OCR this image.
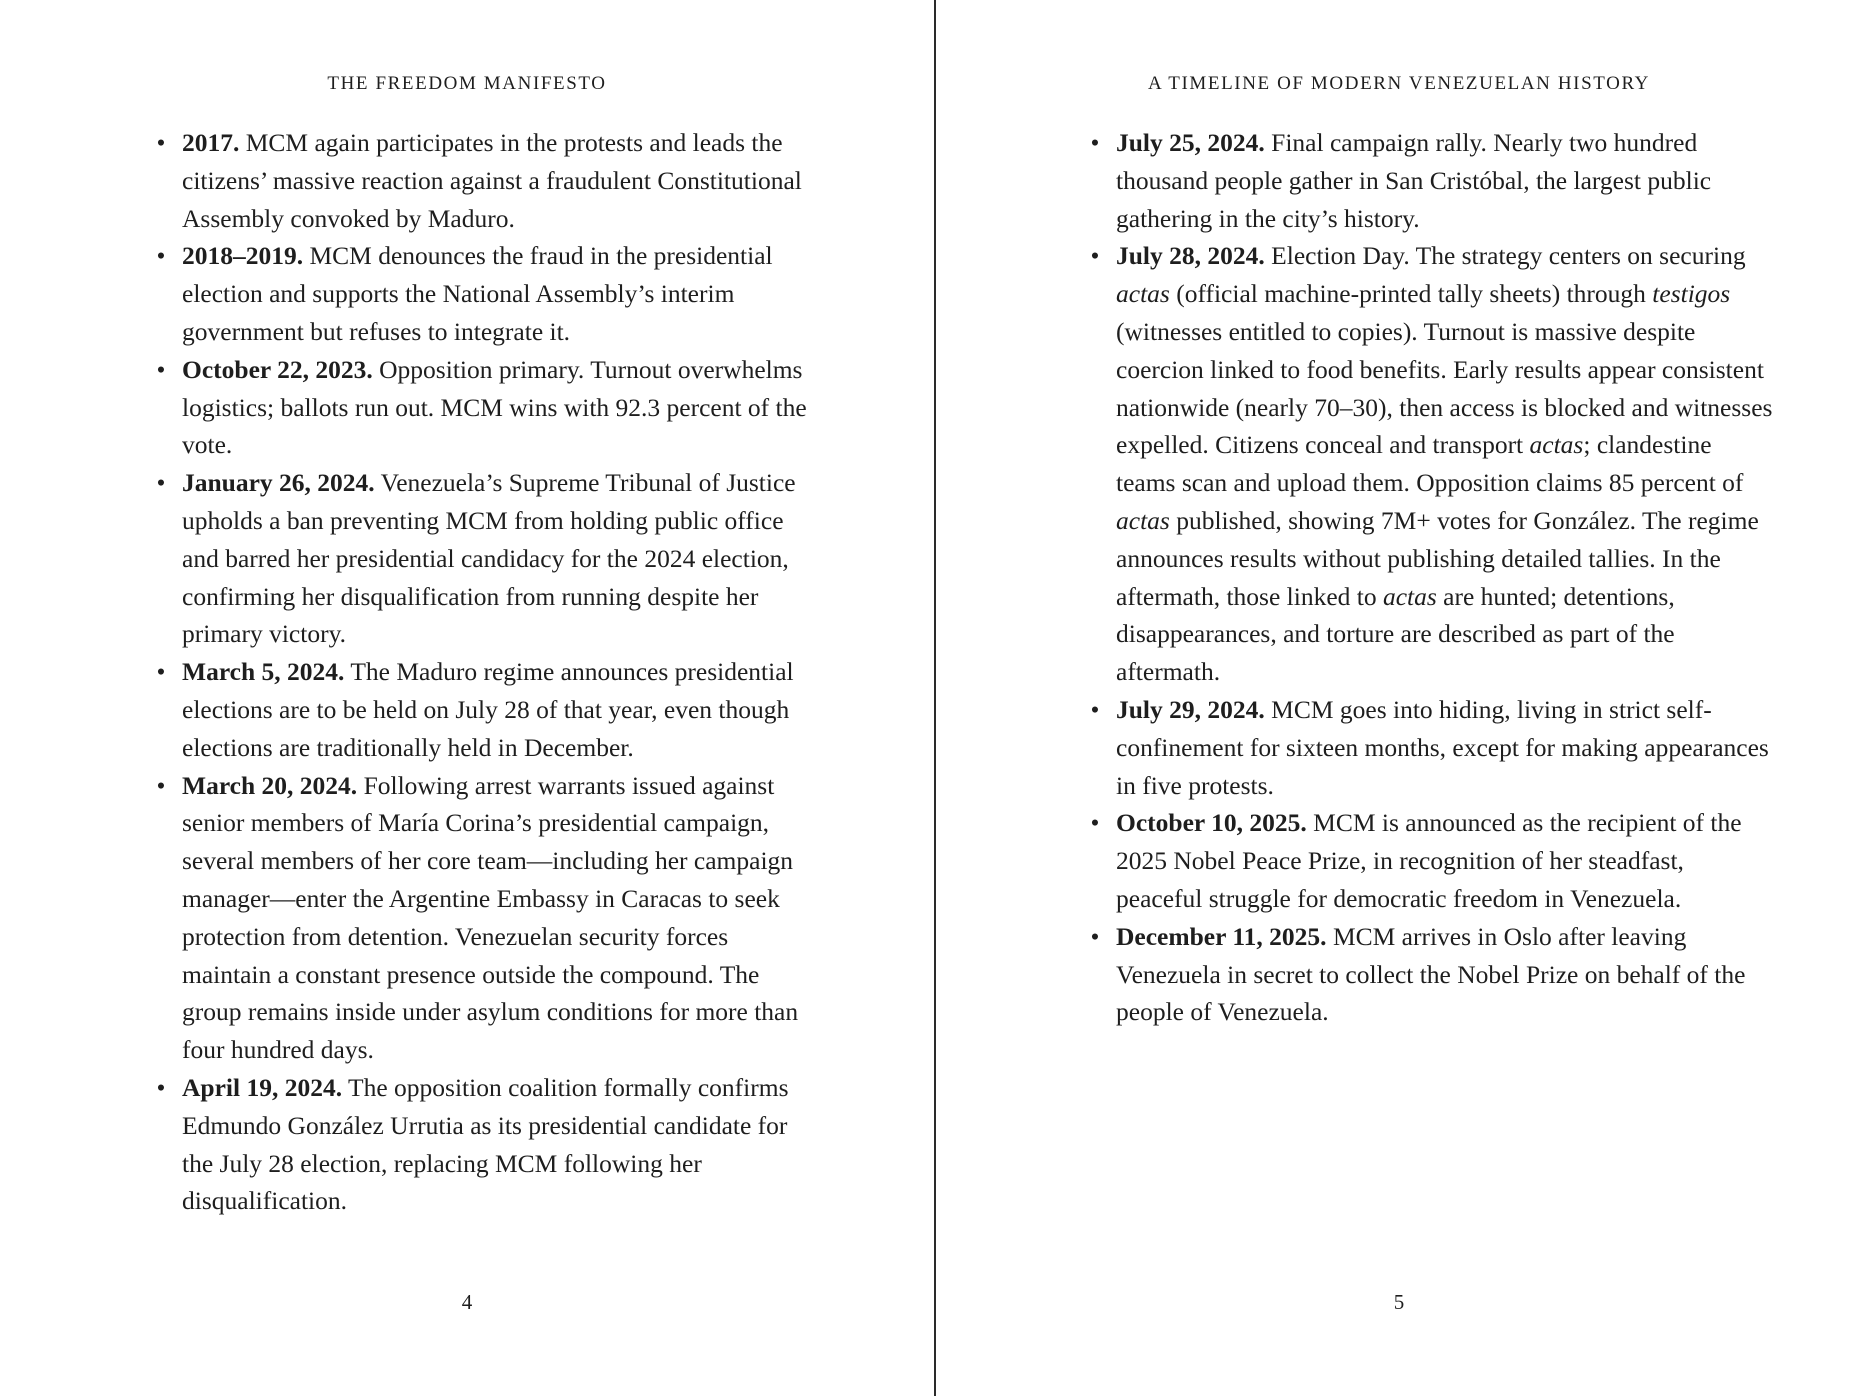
THE FREEDOM MANIFESTO
• 2017. MCM again participates in the protests and leads the citizens’ massive reaction against a fraudulent Constitutional Assembly convoked by Maduro.
• 2018–2019. MCM denounces the fraud in the presidential election and supports the National Assembly’s interim government but refuses to integrate it.
• October 22, 2023. Opposition primary. Turnout overwhelms logistics; ballots run out. MCM wins with 92.3 percent of the vote.
• January 26, 2024. Venezuela’s Supreme Tribunal of Justice upholds a ban preventing MCM from holding public office and barred her presidential candidacy for the 2024 election, confirming her disqualification from running despite her primary victory.
• March 5, 2024. The Maduro regime announces presidential elections are to be held on July 28 of that year, even though elections are traditionally held in December.
• March 20, 2024. Following arrest warrants issued against senior members of María Corina’s presidential campaign, several members of her core team—including her campaign manager—enter the Argentine Embassy in Caracas to seek protection from detention. Venezuelan security forces maintain a constant presence outside the compound. The group remains inside under asylum conditions for more than four hundred days.
• April 19, 2024. The opposition coalition formally confirms Edmundo González Urrutia as its presidential candidate for the July 28 election, replacing MCM following her disqualification.

4

A TIMELINE OF MODERN VENEZUELAN HISTORY
• July 25, 2024. Final campaign rally. Nearly two hundred thousand people gather in San Cristóbal, the largest public gathering in the city’s history.
• July 28, 2024. Election Day. The strategy centers on securing actas (official machine-printed tally sheets) through testigos (witnesses entitled to copies). Turnout is massive despite coercion linked to food benefits. Early results appear consistent nationwide (nearly 70–30), then access is blocked and witnesses expelled. Citizens conceal and transport actas; clandestine teams scan and upload them. Opposition claims 85 percent of actas published, showing 7M+ votes for González. The regime announces results without publishing detailed tallies. In the aftermath, those linked to actas are hunted; detentions, disappearances, and torture are described as part of the aftermath.
• July 29, 2024. MCM goes into hiding, living in strict self-confinement for sixteen months, except for making appearances in five protests.
• October 10, 2025. MCM is announced as the recipient of the 2025 Nobel Peace Prize, in recognition of her steadfast, peaceful struggle for democratic freedom in Venezuela.
• December 11, 2025. MCM arrives in Oslo after leaving Venezuela in secret to collect the Nobel Prize on behalf of the people of Venezuela.

5
